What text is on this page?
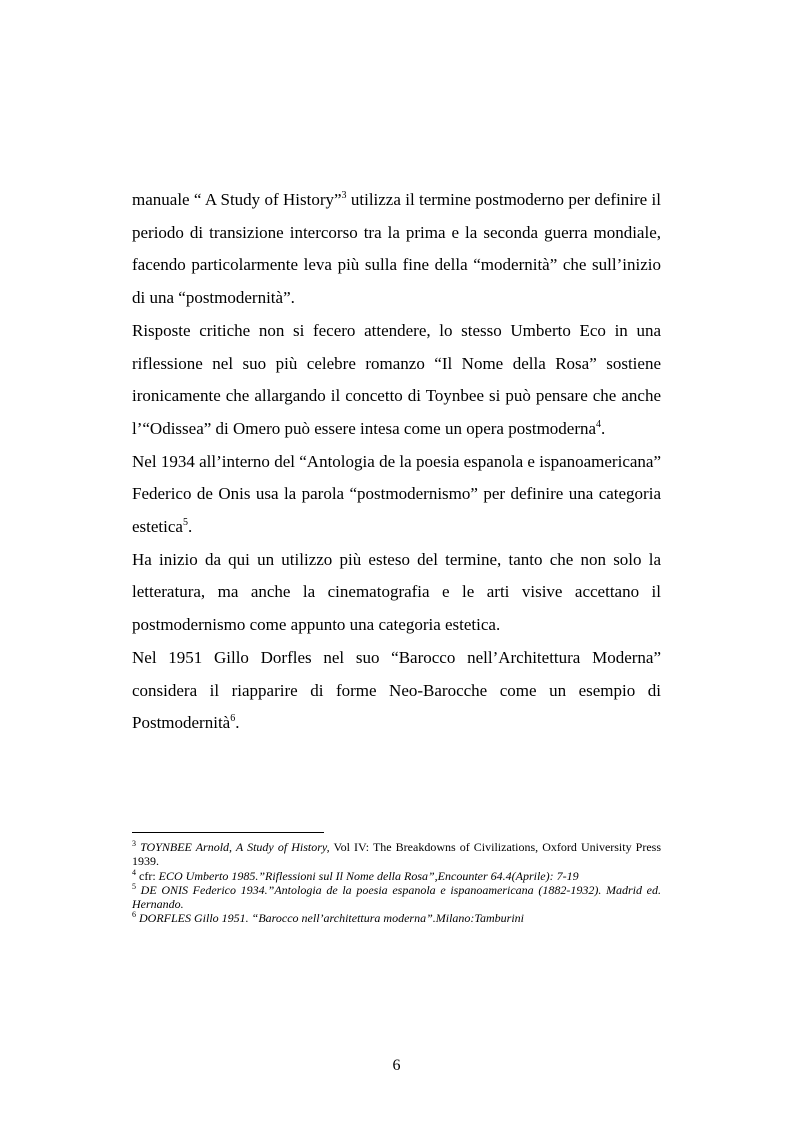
manuale “ A Study of History”$^3$ utilizza il termine postmoderno per definire il periodo di transizione intercorso tra la prima e la seconda guerra mondiale, facendo particolarmente leva più sulla fine della “modernità” che sull’inizio di una “postmodernità”.

Risposte critiche non si fecero attendere, lo stesso Umberto Eco in una riflessione nel suo più celebre romanzo “Il Nome della Rosa” sostiene ironicamente che allargando il concetto di Toynbee si può pensare che anche l’“Odissea” di Omero può essere intesa come un opera postmoderna$^4$.

Nel 1934 all’interno del “Antologia de la poesia espanola e ispanoamericana” Federico de Onis usa la parola “postmodernismo” per definire una categoria estetica$^5$.

Ha inizio da qui un utilizzo più esteso del termine, tanto che non solo la letteratura, ma anche la cinematografia e le arti visive accettano il postmodernismo come appunto una categoria estetica.

Nel 1951 Gillo Dorfles nel suo “Barocco nell’Architettura Moderna” considera il riapparire di forme Neo-Barocche come un esempio di Postmodernità$^6$.

$^3$ TOYNBEE Arnold, A Study of History, Vol IV: The Breakdowns of Civilizations, Oxford University Press 1939.

$^4$ cfr: ECO Umberto 1985.”Riflessioni sul Il Nome della Rosa”,Encounter 64.4(Aprile): 7-19

$^5$ DE ONIS Federico 1934.”Antologia de la poesia espanola e ispanoamericana (1882-1932). Madrid ed. Hernando.

$^6$ DORFLES Gillo 1951. “Barocco nell’architettura moderna”.Milano:Tamburini

6
